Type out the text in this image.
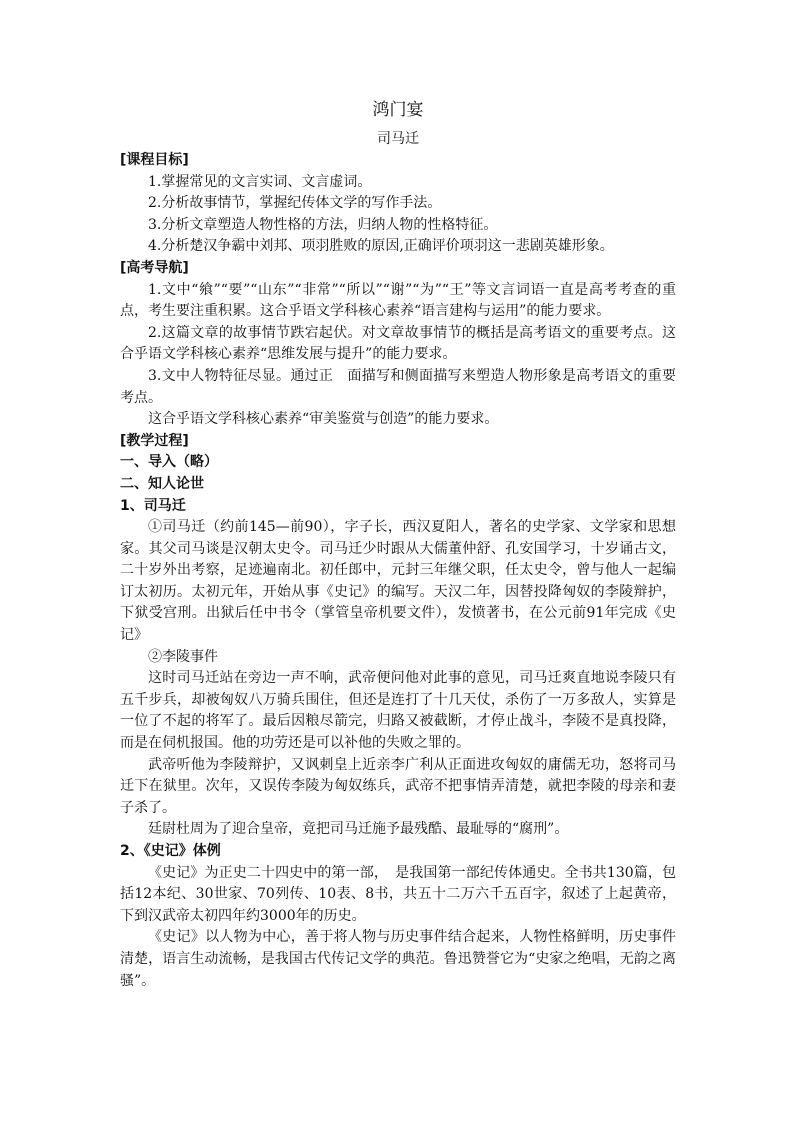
鸿门宴
司马迁
[课程目标]

1.掌握常见的文言实词、文言虚词。

2.分析故事情节，掌握纪传体文学的写作手法。

3.分析文章塑造人物性格的方法，归纳人物的性格特征。

4.分析楚汉争霸中刘邦、项羽胜败的原因,正确评价项羽这一悲剧英雄形象。

[高考导航]

1.文中“飨”“要”“山东”“非常”“所以”“谢”“为”“王”等文言词语一直是高考考查的重点，考生要注重积累。这合乎语文学科核心素养“语言建构与运用”的能力要求。

2.这篇文章的故事情节跌宕起伏。对文章故事情节的概括是高考语文的重要考点。这合乎语文学科核心素养“思维发展与提升”的能力要求。

3.文中人物特征尽显。通过正　面描写和侧面描写来塑造人物形象是高考语文的重要考点。

这合乎语文学科核心素养“审美鉴赏与创造”的能力要求。

[教学过程]
一、导入（略）
二、知人论世
1、司马迁

①司马迁（约前145—前90），字子长，西汉夏阳人，著名的史学家、文学家和思想家。其父司马谈是汉朝太史令。司马迁少时跟从大儒董仲舒、孔安国学习，十岁诵古文，二十岁外出考察，足迹遍南北。初任郎中，元封三年继父职，任太史令，曾与他人一起编订太初历。太初元年，开始从事《史记》的编写。天汉二年，因替投降匈奴的李陵辩护，下狱受宫刑。出狱后任中书令（掌管皇帝机要文件），发愤著书，在公元前91年完成《史记》

②李陵事件

这时司马迁站在旁边一声不响，武帝便问他对此事的意见，司马迁爽直地说李陵只有五千步兵，却被匈奴八万骑兵围住，但还是连打了十几天仗，杀伤了一万多敌人，实算是一位了不起的将军了。最后因粮尽箭完，归路又被截断，才停止战斗，李陵不是真投降，而是在伺机报国。他的功劳还是可以补他的失败之罪的。

武帝听他为李陵辩护，又讽刺皇上近亲李广利从正面进攻匈奴的庸儒无功，怒将司马迁下在狱里。次年，又误传李陵为匈奴练兵，武帝不把事情弄清楚，就把李陵的母亲和妻子杀了。

廷尉杜周为了迎合皇帝，竟把司马迁施予最残酷、最耻辱的“腐刑”。

2、《史记》体例

《史记》为正史二十四史中的第一部，　是我国第一部纪传体通史。全书共130篇，包括12本纪、30世家、70列传、10表、8书，共五十二万六千五百字，叙述了上起黄帝，下到汉武帝太初四年约3000年的历史。

《史记》以人物为中心，善于将人物与历史事件结合起来，人物性格鲜明，历史事件清楚，语言生动流畅，是我国古代传记文学的典范。鲁迅赞誉它为“史家之绝唱，无韵之离骚”。
